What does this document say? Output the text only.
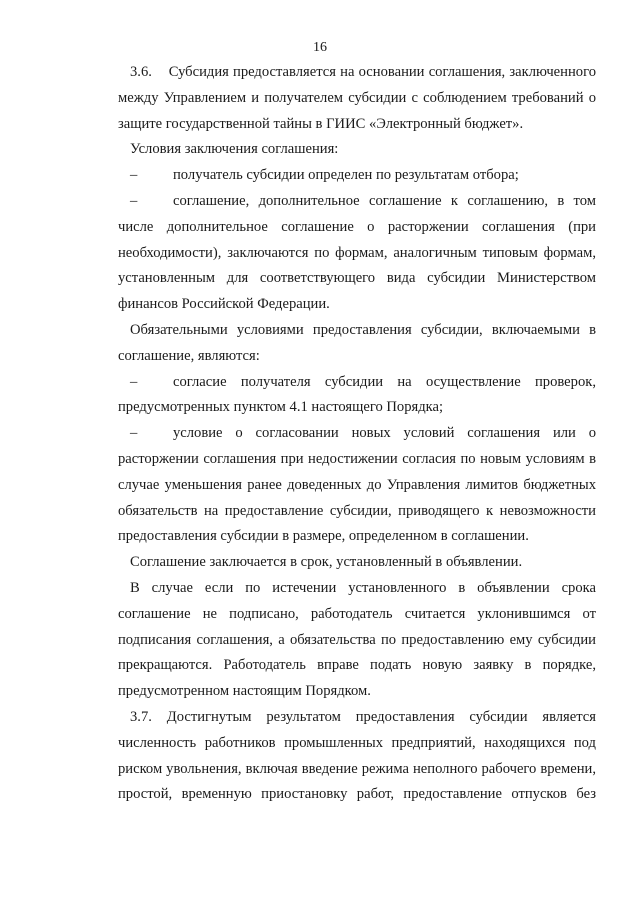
16

3.6.    Субсидия предоставляется на основании соглашения, заключенного между Управлением и получателем субсидии с соблюдением требований о защите государственной тайны в ГИИС «Электронный бюджет».

Условия заключения соглашения:

– получатель субсидии определен по результатам отбора;

– соглашение, дополнительное соглашение к соглашению, в том числе дополнительное соглашение о расторжении соглашения (при необходимости), заключаются по формам, аналогичным типовым формам, установленным для соответствующего вида субсидии Министерством финансов Российской Федерации.

Обязательными условиями предоставления субсидии, включаемыми в соглашение, являются:

– согласие получателя субсидии на осуществление проверок, предусмотренных пунктом 4.1 настоящего Порядка;

– условие о согласовании новых условий соглашения или о расторжении соглашения при недостижении согласия по новым условиям в случае уменьшения ранее доведенных до Управления лимитов бюджетных обязательств на предоставление субсидии, приводящего к невозможности предоставления субсидии в размере, определенном в соглашении.

Соглашение заключается в срок, установленный в объявлении.

В случае если по истечении установленного в объявлении срока соглашение не подписано, работодатель считается уклонившимся от подписания соглашения, а обязательства по предоставлению ему субсидии прекращаются. Работодатель вправе подать новую заявку в порядке, предусмотренном настоящим Порядком.

3.7. Достигнутым результатом предоставления субсидии является численность работников промышленных предприятий, находящихся под риском увольнения, включая введение режима неполного рабочего времени, простой, временную приостановку работ, предоставление отпусков без
